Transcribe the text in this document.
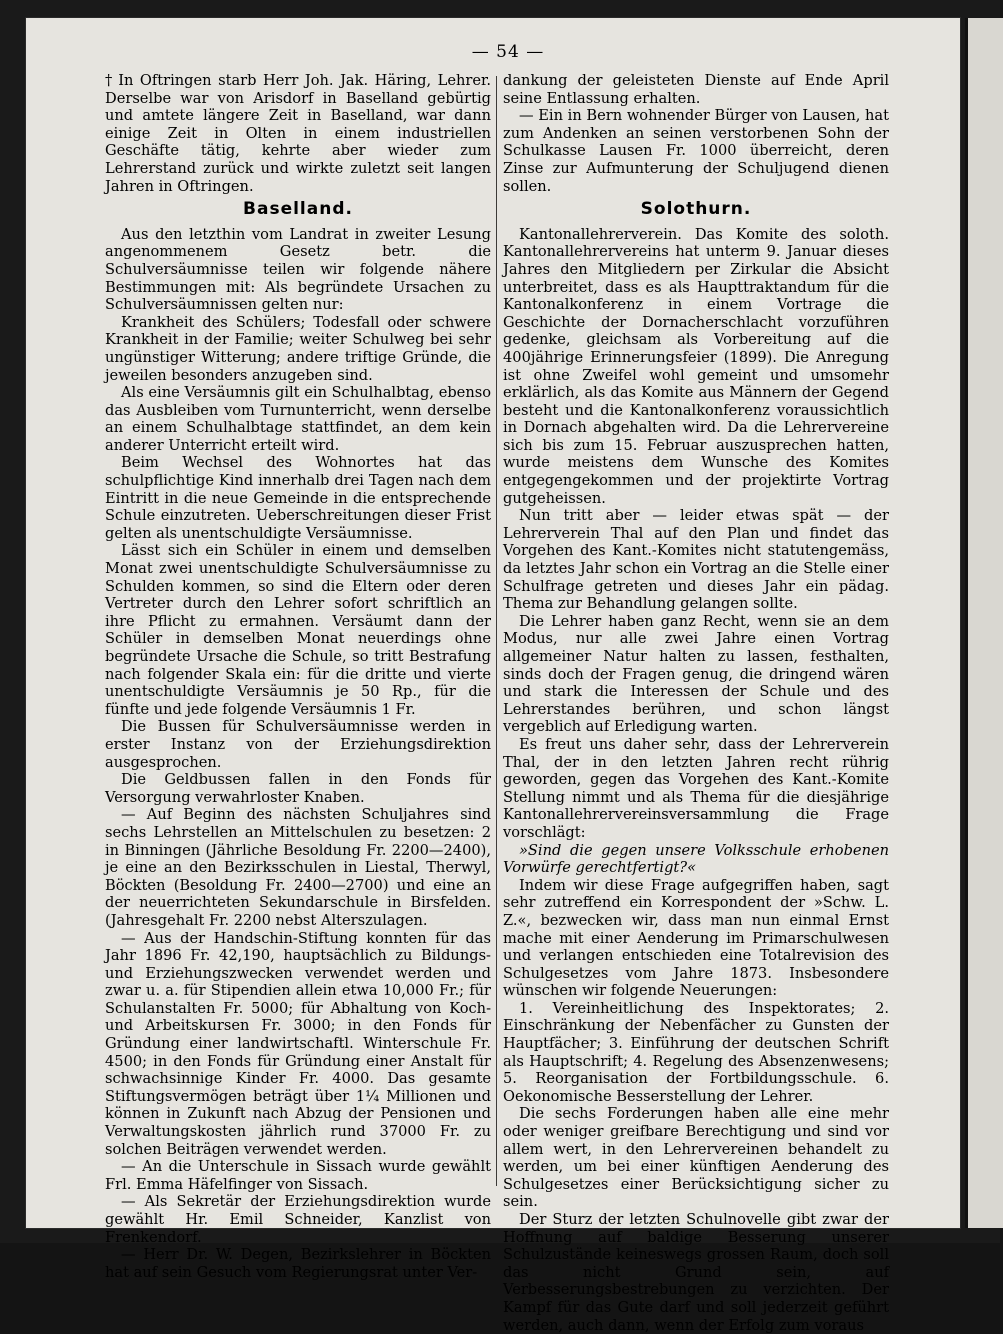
— 54 —

† In Oftringen starb Herr Joh. Jak. Häring, Lehrer. Derselbe war von Arisdorf in Baselland gebürtig und amtete längere Zeit in Baselland, war dann einige Zeit in Olten in einem industriellen Geschäfte tätig, kehrte aber wieder zum Lehrerstand zurück und wirkte zuletzt seit langen Jahren in Oftringen.

Baselland.

Aus den letzthin vom Landrat in zweiter Lesung angenommenem Gesetz betr. die Schulversäumnisse teilen wir folgende nähere Bestimmungen mit: Als begründete Ursachen zu Schulversäumnissen gelten nur:

Krankheit des Schülers; Todesfall oder schwere Krankheit in der Familie; weiter Schulweg bei sehr ungünstiger Witterung; andere triftige Gründe, die jeweilen besonders anzugeben sind.

Als eine Versäumnis gilt ein Schulhalbtag, ebenso das Ausbleiben vom Turnunterricht, wenn derselbe an einem Schulhalbtage stattfindet, an dem kein anderer Unterricht erteilt wird.

Beim Wechsel des Wohnortes hat das schulpflichtige Kind innerhalb drei Tagen nach dem Eintritt in die neue Gemeinde in die entsprechende Schule einzutreten. Ueberschreitungen dieser Frist gelten als unentschuldigte Versäumnisse.

Lässt sich ein Schüler in einem und demselben Monat zwei unentschuldigte Schulversäumnisse zu Schulden kommen, so sind die Eltern oder deren Vertreter durch den Lehrer sofort schriftlich an ihre Pflicht zu ermahnen. Versäumt dann der Schüler in demselben Monat neuerdings ohne begründete Ursache die Schule, so tritt Bestrafung nach folgender Skala ein: für die dritte und vierte unentschuldigte Versäumnis je 50 Rp., für die fünfte und jede folgende Versäumnis 1 Fr.

Die Bussen für Schulversäumnisse werden in erster Instanz von der Erziehungsdirektion ausgesprochen.

Die Geldbussen fallen in den Fonds für Versorgung verwahrloster Knaben.

— Auf Beginn des nächsten Schuljahres sind sechs Lehrstellen an Mittelschulen zu besetzen: 2 in Binningen (Jährliche Besoldung Fr. 2200—2400), je eine an den Bezirksschulen in Liestal, Therwyl, Böckten (Besoldung Fr. 2400—2700) und eine an der neuerrichteten Sekundarschule in Birsfelden. (Jahresgehalt Fr. 2200 nebst Alterszulagen.

— Aus der Handschin-Stiftung konnten für das Jahr 1896 Fr. 42,190, hauptsächlich zu Bildungs- und Erziehungszwecken verwendet werden und zwar u. a. für Stipendien allein etwa 10,000 Fr.; für Schulanstalten Fr. 5000; für Abhaltung von Koch- und Arbeitskursen Fr. 3000; in den Fonds für Gründung einer landwirtschaftl. Winterschule Fr. 4500; in den Fonds für Gründung einer Anstalt für schwachsinnige Kinder Fr. 4000. Das gesamte Stiftungsvermögen beträgt über 1¼ Millionen und können in Zukunft nach Abzug der Pensionen und Verwaltungskosten jährlich rund 37000 Fr. zu solchen Beiträgen verwendet werden.

— An die Unterschule in Sissach wurde gewählt Frl. Emma Häfelfinger von Sissach.

— Als Sekretär der Erziehungsdirektion wurde gewählt Hr. Emil Schneider, Kanzlist von Frenkendorf.

— Herr Dr. W. Degen, Bezirkslehrer in Böckten hat auf sein Gesuch vom Regierungsrat unter Ver-

dankung der geleisteten Dienste auf Ende April seine Entlassung erhalten.

— Ein in Bern wohnender Bürger von Lausen, hat zum Andenken an seinen verstorbenen Sohn der Schulkasse Lausen Fr. 1000 überreicht, deren Zinse zur Aufmunterung der Schuljugend dienen sollen.

Solothurn.

Kantonallehrerverein. Das Komite des soloth. Kantonallehrervereins hat unterm 9. Januar dieses Jahres den Mitgliedern per Zirkular die Absicht unterbreitet, dass es als Haupttraktandum für die Kantonalkonferenz in einem Vortrage die Geschichte der Dornacherschlacht vorzuführen gedenke, gleichsam als Vorbereitung auf die 400jährige Erinnerungsfeier (1899). Die Anregung ist ohne Zweifel wohl gemeint und umsomehr erklärlich, als das Komite aus Männern der Gegend besteht und die Kantonalkonferenz voraussichtlich in Dornach abgehalten wird. Da die Lehrervereine sich bis zum 15. Februar auszusprechen hatten, wurde meistens dem Wunsche des Komites entgegengekommen und der projektirte Vortrag gutgeheissen.

Nun tritt aber — leider etwas spät — der Lehrerverein Thal auf den Plan und findet das Vorgehen des Kant.-Komites nicht statutengemäss, da letztes Jahr schon ein Vortrag an die Stelle einer Schulfrage getreten und dieses Jahr ein pädag. Thema zur Behandlung gelangen sollte.

Die Lehrer haben ganz Recht, wenn sie an dem Modus, nur alle zwei Jahre einen Vortrag allgemeiner Natur halten zu lassen, festhalten, sinds doch der Fragen genug, die dringend wären und stark die Interessen der Schule und des Lehrerstandes berühren, und schon längst vergeblich auf Erledigung warten.

Es freut uns daher sehr, dass der Lehrerverein Thal, der in den letzten Jahren recht rührig geworden, gegen das Vorgehen des Kant.-Komite Stellung nimmt und als Thema für die diesjährige Kantonallehrervereinsversammlung die Frage vorschlägt:

»Sind die gegen unsere Volksschule erhobenen Vorwürfe gerechtfertigt?«

Indem wir diese Frage aufgegriffen haben, sagt sehr zutreffend ein Korrespondent der »Schw. L. Z.«, bezwecken wir, dass man nun einmal Ernst mache mit einer Aenderung im Primarschulwesen und verlangen entschieden eine Totalrevision des Schulgesetzes vom Jahre 1873. Insbesondere wünschen wir folgende Neuerungen:

1. Vereinheitlichung des Inspektorates; 2. Einschränkung der Nebenfächer zu Gunsten der Hauptfächer; 3. Einführung der deutschen Schrift als Hauptschrift; 4. Regelung des Absenzenwesens; 5. Reorganisation der Fortbildungsschule. 6. Oekonomische Besserstellung der Lehrer.

Die sechs Forderungen haben alle eine mehr oder weniger greifbare Berechtigung und sind vor allem wert, in den Lehrervereinen behandelt zu werden, um bei einer künftigen Aenderung des Schulgesetzes einer Berücksichtigung sicher zu sein.

Der Sturz der letzten Schulnovelle gibt zwar der Hoffnung auf baldige Besserung unserer Schulzustände keineswegs grossen Raum, doch soll das nicht Grund sein, auf Verbesserungsbestrebungen zu verzichten. Der Kampf für das Gute darf und soll jederzeit geführt werden, auch dann, wenn der Erfolg zum voraus
